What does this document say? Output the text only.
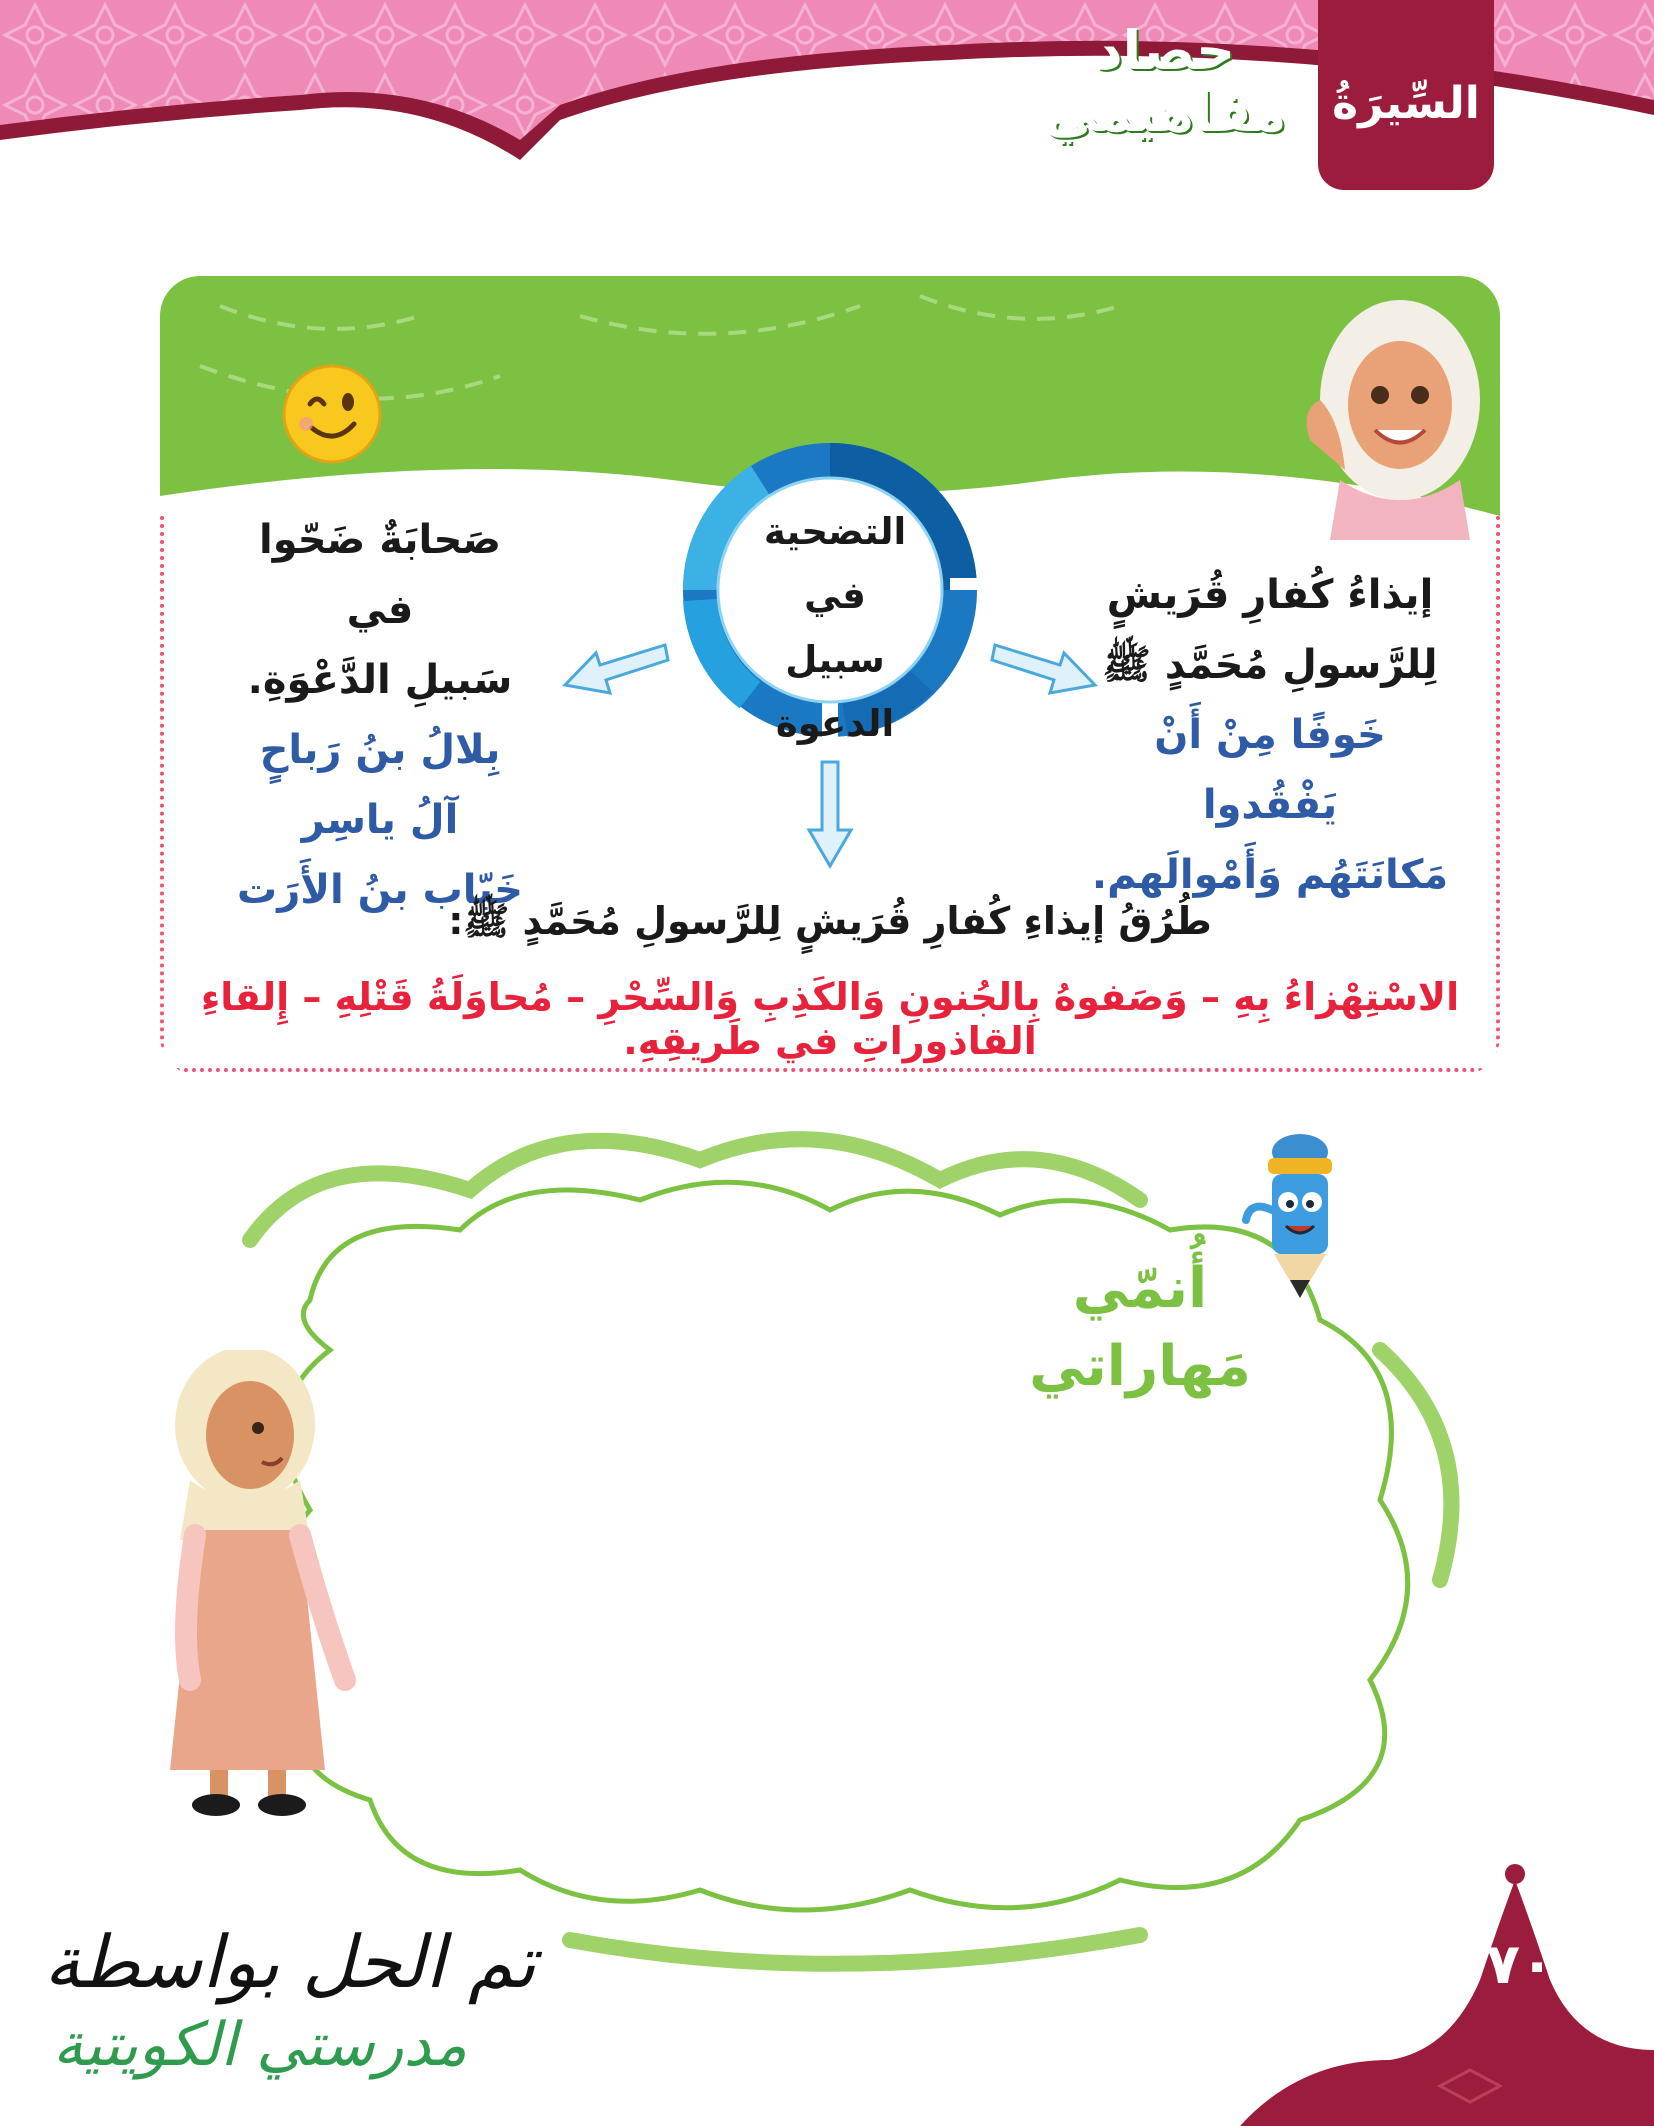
السِّيرَةُ
حصاد مفاهيمي
التضحية في
سبيل الدعوة
إيذاءُ كُفارِ قُرَيشٍ
لِلرَّسولِ مُحَمَّدٍ ﷺ
خَوفًا مِنْ أَنْ يَفْقُدوا
مَكانَتَهُم وَأَمْوالَهم.
صَحابَةٌ ضَحّوا في
سَبيلِ الدَّعْوَةِ.
بِلالُ بنُ رَباحٍ
آلُ ياسِر
خَبّاب بنُ الأَرَت
طُرُقُ إيذاءِ كُفارِ قُرَيشٍ لِلرَّسولِ مُحَمَّدٍ ﷺ:
الاسْتِهْزاءُ بِهِ – وَصَفوهُ بِالجُنونِ وَالكَذِبِ وَالسِّحْرِ – مُحاوَلَةُ قَتْلِهِ – إِلقاءِ القاذوراتِ في طَريقِهِ.
أُنمّي
مَهاراتي
تم الحل بواسطة
مدرستي الكويتية
٧٠
